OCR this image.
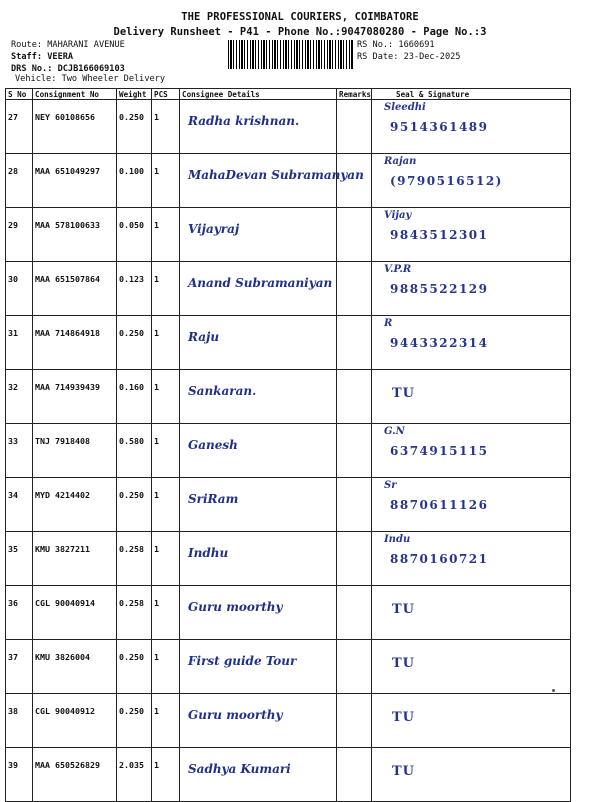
THE PROFESSIONAL COURIERS, COIMBATORE
Delivery Runsheet - P41 - Phone No.:9047080280 - Page No.:3
Route: MAHARANI AVENUE
Staff: VEERA
DRS No.: DCJB166069103
Vehicle: Two Wheeler Delivery
RS No.: 1660691
RS Date: 23-Dec-2025
S No	Consignment No	Weight	PCS	Consignee Details	Remarks	Seal & Signature
27	NEY 60108656	0.250	1	Radha krishnan.		Sleedhi
9514361489

28	MAA 651049297	0.100	1	MahaDevan Subramanyan		Rajan
(9790516512)

29	MAA 578100633	0.050	1	Vijayraj		Vijay
9843512301

30	MAA 651507864	0.123	1	Anand Subramaniyan		V.P.R
9885522129

31	MAA 714864918	0.250	1	Raju		R
9443322314

32	MAA 714939439	0.160	1	Sankaran.		TU

33	TNJ 7918408	0.580	1	Ganesh		G.N
6374915115

34	MYD 4214402	0.250	1	SriRam		Sr
8870611126

35	KMU 3827211	0.258	1	Indhu		Indu
8870160721

36	CGL 90040914	0.258	1	Guru moorthy		TU

37	KMU 3826004	0.250	1	First guide Tour		TU

38	CGL 90040912	0.250	1	Guru moorthy		TU

39	MAA 650526829	2.035	1	Sadhya Kumari		TU
